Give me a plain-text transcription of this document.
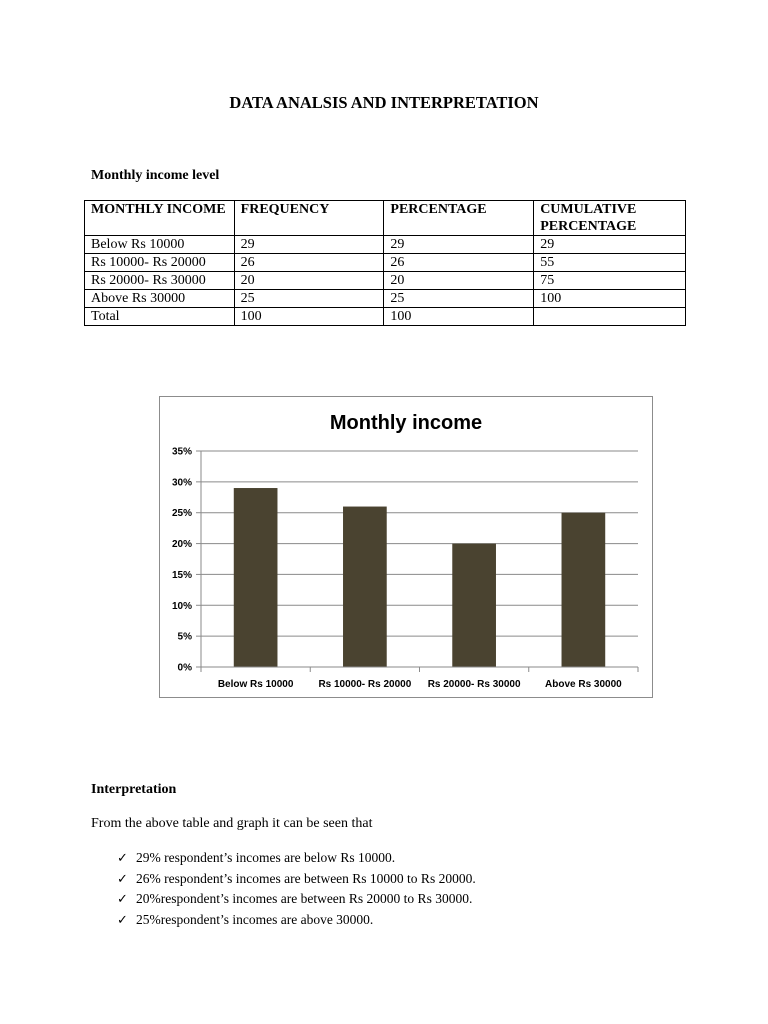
DATA ANALSIS AND INTERPRETATION
Monthly income level
MONTHLY INCOME	FREQUENCY	PERCENTAGE	CUMULATIVE PERCENTAGE
Below Rs 10000	29	29	29
Rs 10000- Rs 20000	26	26	55
Rs 20000- Rs 30000	20	20	75
Above Rs 30000	25	25	100
Total	100	100	
Monthly income
0%
5%
10%
15%
20%
25%
30%
35%
Below Rs 10000	Rs 10000- Rs 20000 Rs 20000- Rs 30000 Above Rs 30000
Interpretation
From the above table and graph it can be seen that
✓ 29% respondent’s incomes are below Rs 10000.
✓ 26% respondent’s incomes are between Rs 10000 to Rs 20000.
✓ 20%respondent’s incomes are between Rs 20000 to Rs 30000.
✓ 25%respondent’s incomes are above 30000.
